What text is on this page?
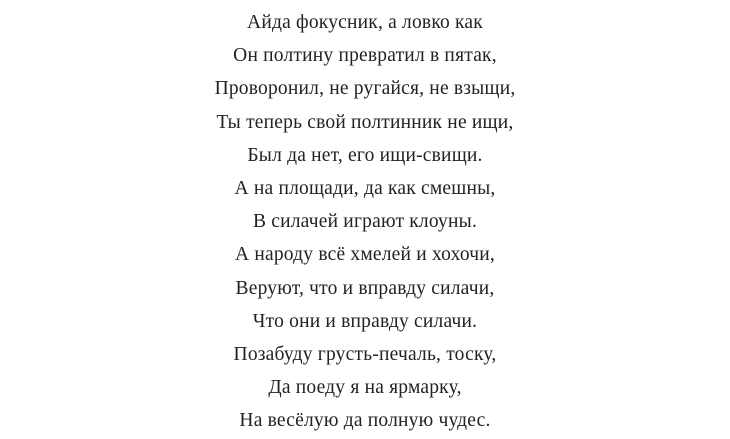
Айда фокусник, а ловко как
Он полтину превратил в пятак,
Проворонил, не ругайся, не взыщи,
Ты теперь свой полтинник не ищи,
Был да нет, его ищи-свищи.
А на площади, да как смешны,
В силачей играют клоуны.
А народу всё хмелей и хохочи,
Веруют, что и вправду силачи,
Что они и вправду силачи.
Позабуду грусть-печаль, тоску,
Да поеду я на ярмарку,
На весёлую да полную чудес.
